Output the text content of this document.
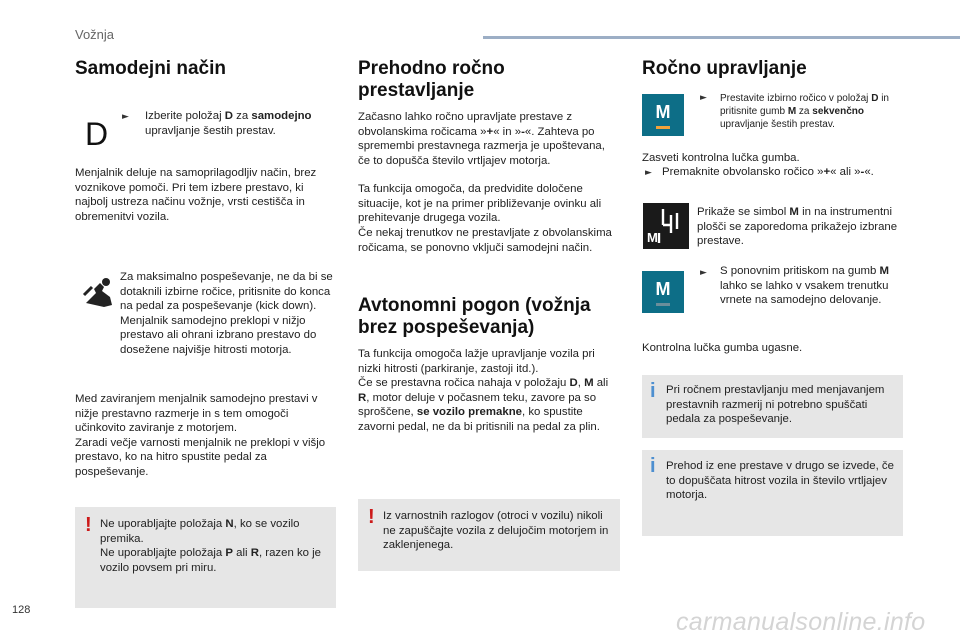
Vožnja
Samodejni način
D	► Izberite položaj D za samodejno upravljanje šestih prestav.
Menjalnik deluje na samoprilagodljiv način, brez voznikove pomoči. Pri tem izbere prestavo, ki najbolj ustreza načinu vožnje, vrsti cestišča in obremenitvi vozila.
Za maksimalno pospeševanje, ne da bi se dotaknili izbirne ročice, pritisnite do konca na pedal za pospeševanje (kick down). Menjalnik samodejno preklopi v nižjo prestavo ali ohrani izbrano prestavo do dosežene najvišje hitrosti motorja.
Med zaviranjem menjalnik samodejno prestavi v nižje prestavno razmerje in s tem omogoči učinkovito zaviranje z motorjem.
Zaradi večje varnosti menjalnik ne preklopi v višjo prestavo, ko na hitro spustite pedal za pospeševanje.
! Ne uporabljajte položaja N, ko se vozilo premika.
Ne uporabljajte položaja P ali R, razen ko je vozilo povsem pri miru.
Prehodno ročno prestavljanje
Začasno lahko ročno upravljate prestave z obvolanskima ročicama »+« in »-«. Zahteva po spremembi prestavnega razmerja je upoštevana, če to dopušča število vrtljajev motorja.
Ta funkcija omogoča, da predvidite določene situacije, kot je na primer približevanje ovinku ali prehitevanje drugega vozila.
Če nekaj trenutkov ne prestavljate z obvolanskima ročicama, se ponovno vključi samodejni način.
Avtonomni pogon (vožnja brez pospeševanja)
Ta funkcija omogoča lažje upravljanje vozila pri nizki hitrosti (parkiranje, zastoji itd.).
Če se prestavna ročica nahaja v položaju D, M ali R, motor deluje v počasnem teku, zavore pa so sproščene, se vozilo premakne, ko spustite zavorni pedal, ne da bi pritisnili na pedal za plin.
! Iz varnostnih razlogov (otroci v vozilu) nikoli ne zapuščajte vozila z delujočim motorjem in zaklenjenega.
Ročno upravljanje
M
► Prestavite izbirno ročico v položaj D in pritisnite gumb M za sekvenčno upravljanje šestih prestav.
Zasveti kontrolna lučka gumba.
► Premaknite obvolansko ročico »+« ali »-«.
M
Prikaže se simbol M in na instrumentni plošči se zaporedoma prikažejo izbrane prestave.
M
► S ponovnim pritiskom na gumb M lahko se lahko v vsakem trenutku vrnete na samodejno delovanje.
Kontrolna lučka gumba ugasne.
i Pri ročnem prestavljanju med menjavanjem prestavnih razmerij ni potrebno spuščati pedala za pospeševanje.
i Prehod iz ene prestave v drugo se izvede, če to dopuščata hitrost vozila in število vrtljajev motorja.
128	carmanualsonline.info
